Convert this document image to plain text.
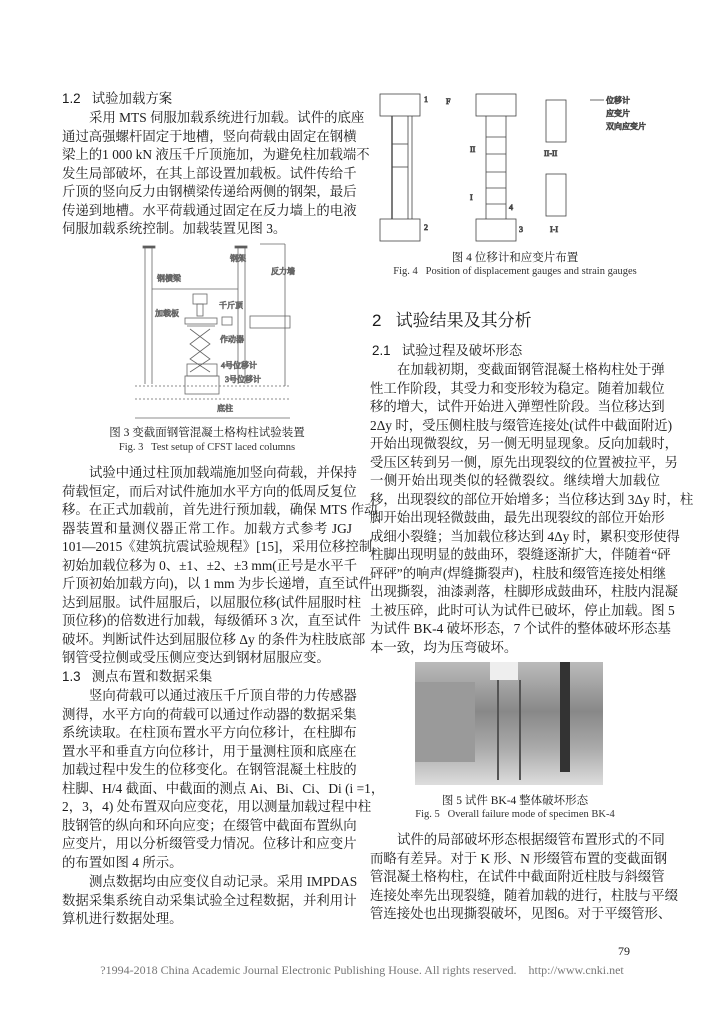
1.2   试验加载方案
采用 MTS 伺服加载系统进行加载。试件的底座
通过高强螺杆固定于地槽，竖向荷载由固定在钢横
梁上的1 000 kN 液压千斤顶施加，为避免柱加载端不
发生局部破坏，在其上部设置加载板。试件传给千
斤顶的竖向反力由钢横梁传递给两侧的钢架，最后
传递到地槽。水平荷载通过固定在反力墙上的电液
伺服加载系统控制。加载装置见图 3。
钢架
钢横梁
反力墙
千斤顶
加载板
作动器
4号位移计
3号位移计
底柱
图 3 变截面钢管混凝土格构柱试验装置
Fig. 3   Test setup of CFST laced columns
试验中通过柱顶加载端施加竖向荷载，并保持
荷载恒定，而后对试件施加水平方向的低周反复位
移。在正式加载前，首先进行预加载，确保 MTS 作动
器装置和量测仪器正常工作。加载方式参考 JGJ
101—2015《建筑抗震试验规程》[15]，采用位移控制。
初始加载位移为 0、±1、±2、±3 mm(正号是水平千
斤顶初始加载方向)，以 1 mm 为步长递增，直至试件
达到屈服。试件屈服后，以屈服位移(试件屈服时柱
顶位移)的倍数进行加载，每级循环 3 次，直至试件
破坏。判断试件达到屈服位移 Δy 的条件为柱肢底部
钢管受拉侧或受压侧应变达到钢材屈服应变。
1.3   测点布置和数据采集
竖向荷载可以通过液压千斤顶自带的力传感器
测得，水平方向的荷载可以通过作动器的数据采集
系统读取。在柱顶布置水平方向位移计，在柱脚布
置水平和垂直方向位移计，用于量测柱顶和底座在
加载过程中发生的位移变化。在钢管混凝土柱肢的
柱脚、H/4 截面、中截面的测点 Ai、Bi、Ci、Di (i =1，
2，3，4) 处布置双向应变花，用以测量加载过程中柱
肢钢管的纵向和环向应变；在缀管中截面布置纵向
应变片，用以分析缀管受力情况。位移计和应变片
的布置如图 4 所示。
测点数据均由应变仪自动记录。采用 IMPDAS
数据采集系统自动采集试验全过程数据，并利用计
算机进行数据处理。
1
2
F
3
4
II
I
II-II
I-I
位移计
应变片
双向应变片
图 4 位移计和应变片布置
Fig. 4   Position of displacement gauges and strain gauges
2   试验结果及其分析
2.1   试验过程及破坏形态
在加载初期，变截面钢管混凝土格构柱处于弹
性工作阶段，其受力和变形较为稳定。随着加载位
移的增大，试件开始进入弹塑性阶段。当位移达到
2Δy 时，受压侧柱肢与缀管连接处(试件中截面附近)
开始出现微裂纹，另一侧无明显现象。反向加载时，
受压区转到另一侧，原先出现裂纹的位置被拉平，另
一侧开始出现类似的轻微裂纹。继续增大加载位
移，出现裂纹的部位开始增多；当位移达到 3Δy 时，柱
脚开始出现轻微鼓曲，最先出现裂纹的部位开始形
成细小裂缝；当加载位移达到 4Δy 时，累积变形使得
柱脚出现明显的鼓曲环，裂缝逐渐扩大，伴随着“砰
砰砰”的响声(焊缝撕裂声)，柱肢和缀管连接处相继
出现撕裂，油漆剥落，柱脚形成鼓曲环，柱肢内混凝
土被压碎，此时可认为试件已破坏，停止加载。图 5
为试件 BK-4 破坏形态，7 个试件的整体破坏形态基
本一致，均为压弯破坏。
图 5 试件 BK-4 整体破坏形态
Fig. 5   Overall failure mode of specimen BK-4
试件的局部破坏形态根据缀管布置形式的不同
而略有差异。对于 K 形、N 形缀管布置的变截面钢
管混凝土格构柱，在试件中截面附近柱肢与斜缀管
连接处率先出现裂缝，随着加载的进行，柱肢与平缀
管连接处也出现撕裂破坏，见图6。对于平缀管形、
79
?1994-2018 China Academic Journal Electronic Publishing House. All rights reserved.    http://www.cnki.net
